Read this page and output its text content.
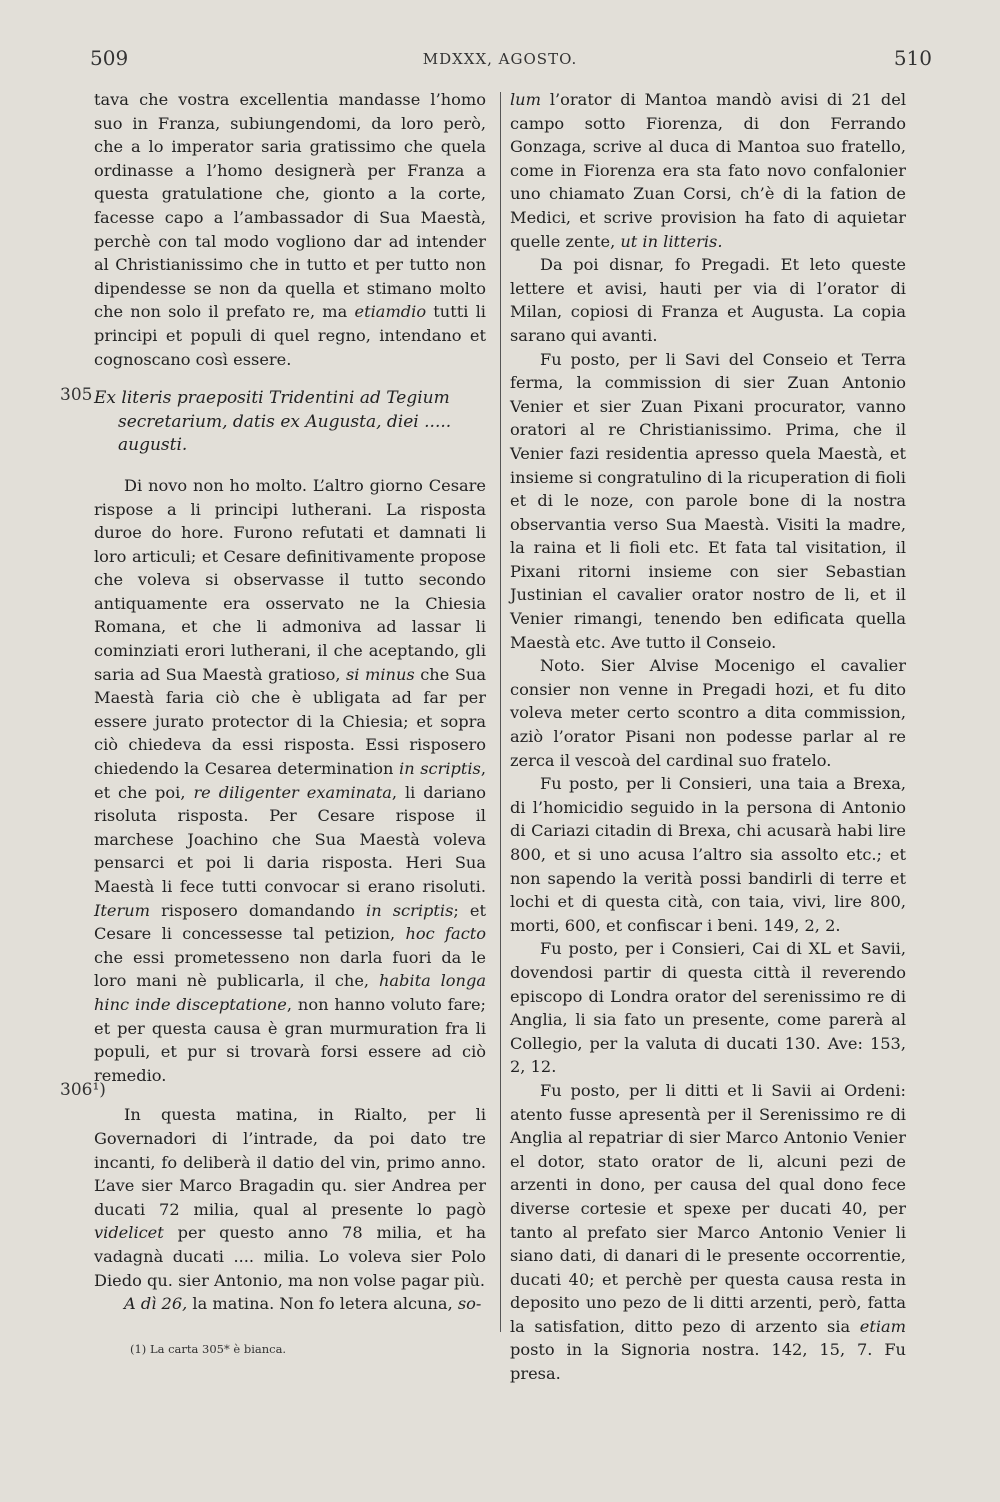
509	MDXXX, AGOSTO.	510
305
306¹)

tava che vostra excellentia mandasse l’homo suo in Franza, subiungendomi, da loro però, che a lo imperator saria gratissimo che quela ordinasse a l’homo designerà per Franza a questa gratulatione che, gionto a la corte, facesse capo a l’ambassador di Sua Maestà, perchè con tal modo vogliono dar ad intender al Christianissimo che in tutto et per tutto non dipendesse se non da quella et stimano molto che non solo il prefato re, ma etiamdio tutti li principi et populi di quel regno, intendano et cognoscano così essere.

Ex literis praepositi Tridentini ad Tegium
secretarium, datis ex Augusta, diei ..... augusti.

Di novo non ho molto. L’altro giorno Cesare rispose a li principi lutherani. La risposta duroe do hore. Furono refutati et damnati li loro articuli; et Cesare definitivamente propose che voleva si observasse il tutto secondo antiquamente era osservato ne la Chiesia Romana, et che li admoniva ad lassar li cominziati erori lutherani, il che aceptando, gli saria ad Sua Maestà gratioso, si minus che Sua Maestà faria ciò che è ubligata ad far per essere jurato protector di la Chiesia; et sopra ciò chiedeva da essi risposta. Essi risposero chiedendo la Cesarea determination in scriptis, et che poi, re diligenter examinata, li dariano risoluta risposta. Per Cesare rispose il marchese Joachino che Sua Maestà voleva pensarci et poi li daria risposta. Heri Sua Maestà li fece tutti convocar si erano risoluti. Iterum risposero domandando in scriptis; et Cesare li concessesse tal petizion, hoc facto che essi prometesseno non darla fuori da le loro mani nè publicarla, il che, habita longa hinc inde disceptatione, non hanno voluto fare; et per questa causa è gran murmuration fra li populi, et pur si trovarà forsi essere ad ciò remedio.

In questa matina, in Rialto, per li Governadori di l’intrade, da poi dato tre incanti, fo deliberà il datio del vin, primo anno. L’ave sier Marco Bragadin qu. sier Andrea per ducati 72 milia, qual al presente lo pagò videlicet per questo anno 78 milia, et ha vadagnà ducati .... milia. Lo voleva sier Polo Diedo qu. sier Antonio, ma non volse pagar più.

A dì 26, la matina. Non fo letera alcuna, so-

(1) La carta 305* è bianca.

lum l’orator di Mantoa mandò avisi di 21 del campo sotto Fiorenza, di don Ferrando Gonzaga, scrive al duca di Mantoa suo fratello, come in Fiorenza era sta fato novo confalonier uno chiamato Zuan Corsi, ch’è di la fation de Medici, et scrive provision ha fato di aquietar quelle zente, ut in litteris.

Da poi disnar, fo Pregadi. Et leto queste lettere et avisi, hauti per via di l’orator di Milan, copiosi di Franza et Augusta. La copia sarano qui avanti.

Fu posto, per li Savi del Conseio et Terra ferma, la commission di sier Zuan Antonio Venier et sier Zuan Pixani procurator, vanno oratori al re Christianissimo. Prima, che il Venier fazi residentia apresso quela Maestà, et insieme si congratulino di la ricuperation di fioli et di le noze, con parole bone di la nostra observantia verso Sua Maestà. Visiti la madre, la raina et li fioli etc. Et fata tal visitation, il Pixani ritorni insieme con sier Sebastian Justinian el cavalier orator nostro de li, et il Venier rimangi, tenendo ben edificata quella Maestà etc. Ave tutto il Conseio.

Noto. Sier Alvise Mocenigo el cavalier consier non venne in Pregadi hozi, et fu dito voleva meter certo scontro a dita commission, aziò l’orator Pisani non podesse parlar al re zerca il vescoà del cardinal suo fratelo.

Fu posto, per li Consieri, una taia a Brexa, di l’homicidio seguido in la persona di Antonio di Cariazi citadin di Brexa, chi acusarà habi lire 800, et si uno acusa l’altro sia assolto etc.; et non sapendo la verità possi bandirli di terre et lochi et di questa cità, con taia, vivi, lire 800, morti, 600, et confiscar i beni. 149, 2, 2.

Fu posto, per i Consieri, Cai di XL et Savii, dovendosi partir di questa città il reverendo episcopo di Londra orator del serenissimo re di Anglia, li sia fato un presente, come parerà al Collegio, per la valuta di ducati 130. Ave: 153, 2, 12.

Fu posto, per li ditti et li Savii ai Ordeni: atento fusse apresentà per il Serenissimo re di Anglia al repatriar di sier Marco Antonio Venier el dotor, stato orator de li, alcuni pezi de arzenti in dono, per causa del qual dono fece diverse cortesie et spexe per ducati 40, per tanto al prefato sier Marco Antonio Venier li siano dati, di danari di le presente occorrentie, ducati 40; et perchè per questa causa resta in deposito uno pezo de li ditti arzenti, però, fatta la satisfation, ditto pezo di arzento sia etiam posto in la Signoria nostra. 142, 15, 7. Fu presa.
